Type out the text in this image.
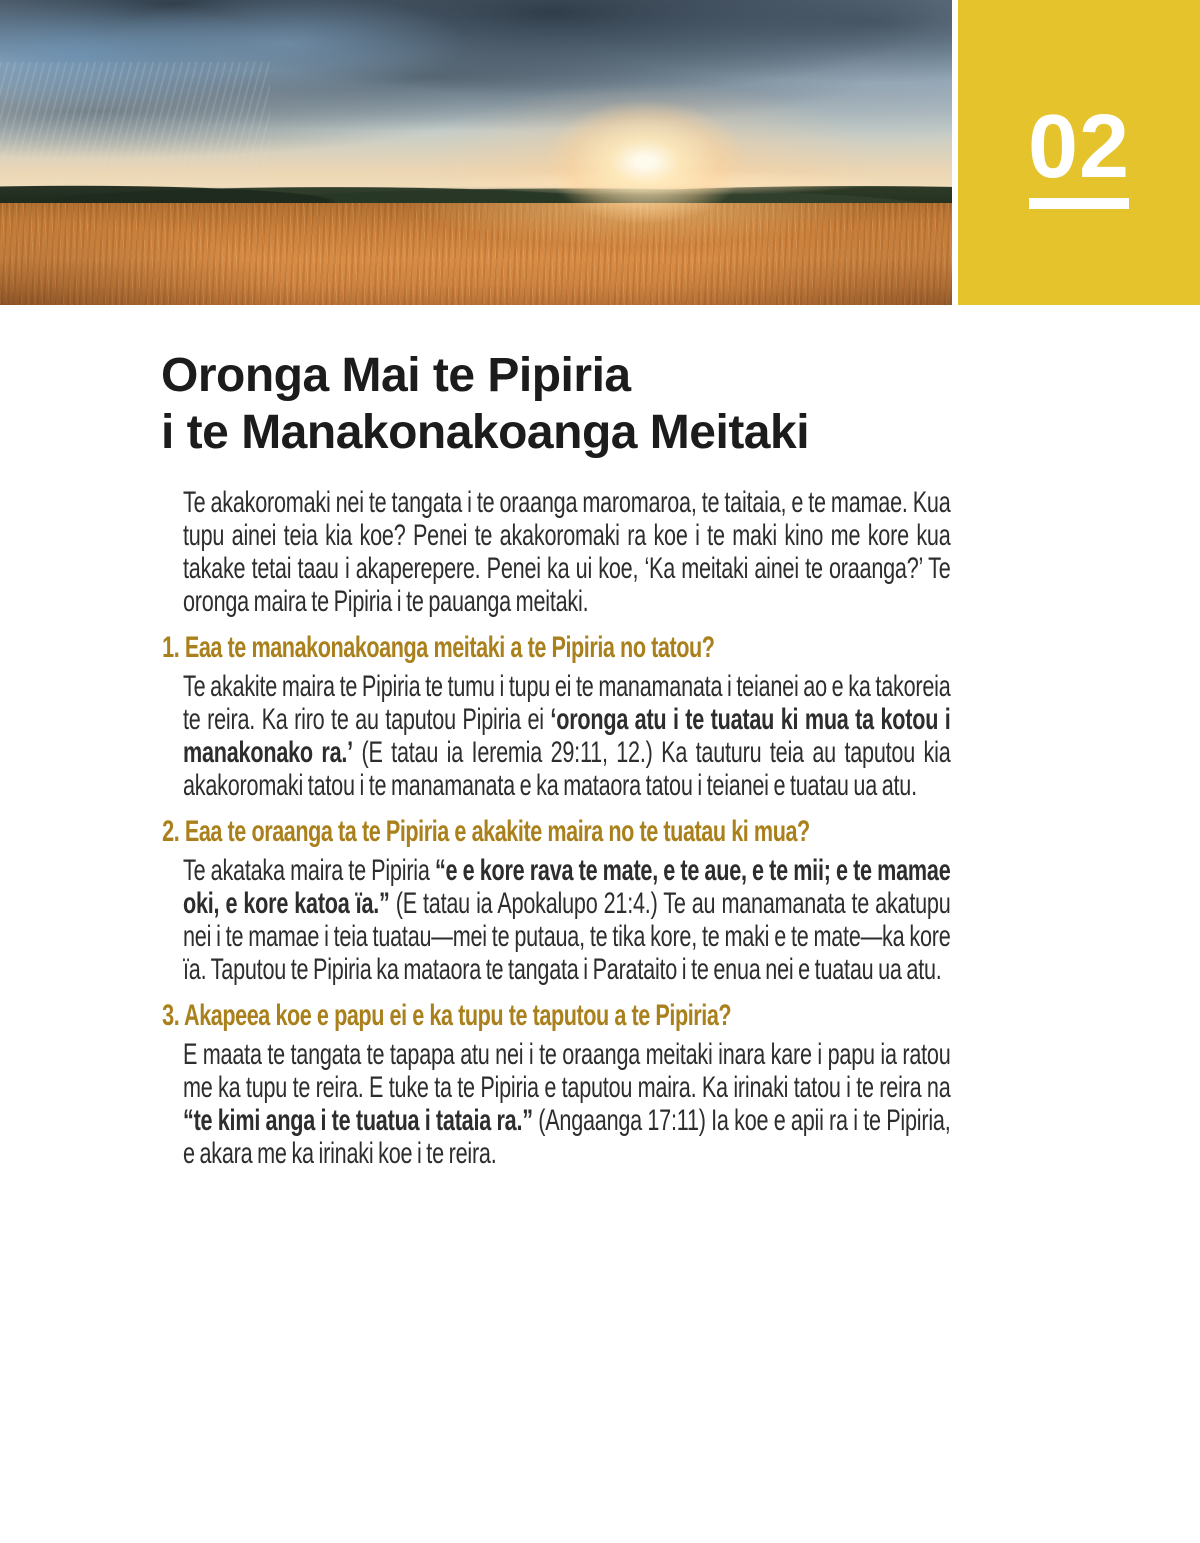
02
Oronga Mai te Pipiria
i te Manakonakoanga Meitaki

Te akakoromaki nei te tangata i te oraanga maromaroa, te taitaia, e te mamae. Kua tupu ainei teia kia koe? Penei te akakoromaki ra koe i te maki kino me kore kua takake tetai taau i akaperepere. Penei ka ui koe, ‘Ka meitaki ainei te oraanga?’ Te oronga maira te Pipiria i te pauanga meitaki.

1. Eaa te manakonakoanga meitaki a te Pipiria no tatou?

Te akakite maira te Pipiria te tumu i tupu ei te manamanata i teianei ao e ka takoreia te reira. Ka riro te au taputou Pipiria ei ‘oronga atu i te tuatau ki mua ta kotou i manakonako ra.’ (E tatau ia Ieremia 29:11, 12.) Ka tauturu teia au taputou kia akakoromaki tatou i te manamanata e ka mataora tatou i teianei e tuatau ua atu.

2. Eaa te oraanga ta te Pipiria e akakite maira no te tuatau ki mua?

Te akataka maira te Pipiria “e e kore rava te mate, e te aue, e te mii; e te mamae oki, e kore katoa ïa.” (E tatau ia Apokalupo 21:4.) Te au manamanata te akatupu nei i te mamae i teia tuatau—mei te putaua, te tika kore, te maki e te mate—ka kore ïa. Taputou te Pipiria ka mataora te tangata i Parataito i te enua nei e tuatau ua atu.

3. Akapeea koe e papu ei e ka tupu te taputou a te Pipiria?

E maata te tangata te tapapa atu nei i te oraanga meitaki inara kare i papu ia ratou me ka tupu te reira. E tuke ta te Pipiria e taputou maira. Ka irinaki tatou i te reira na “te kimi anga i te tuatua i tataia ra.” (Angaanga 17:11) Ia koe e apii ra i te Pipiria, e akara me ka irinaki koe i te reira.
